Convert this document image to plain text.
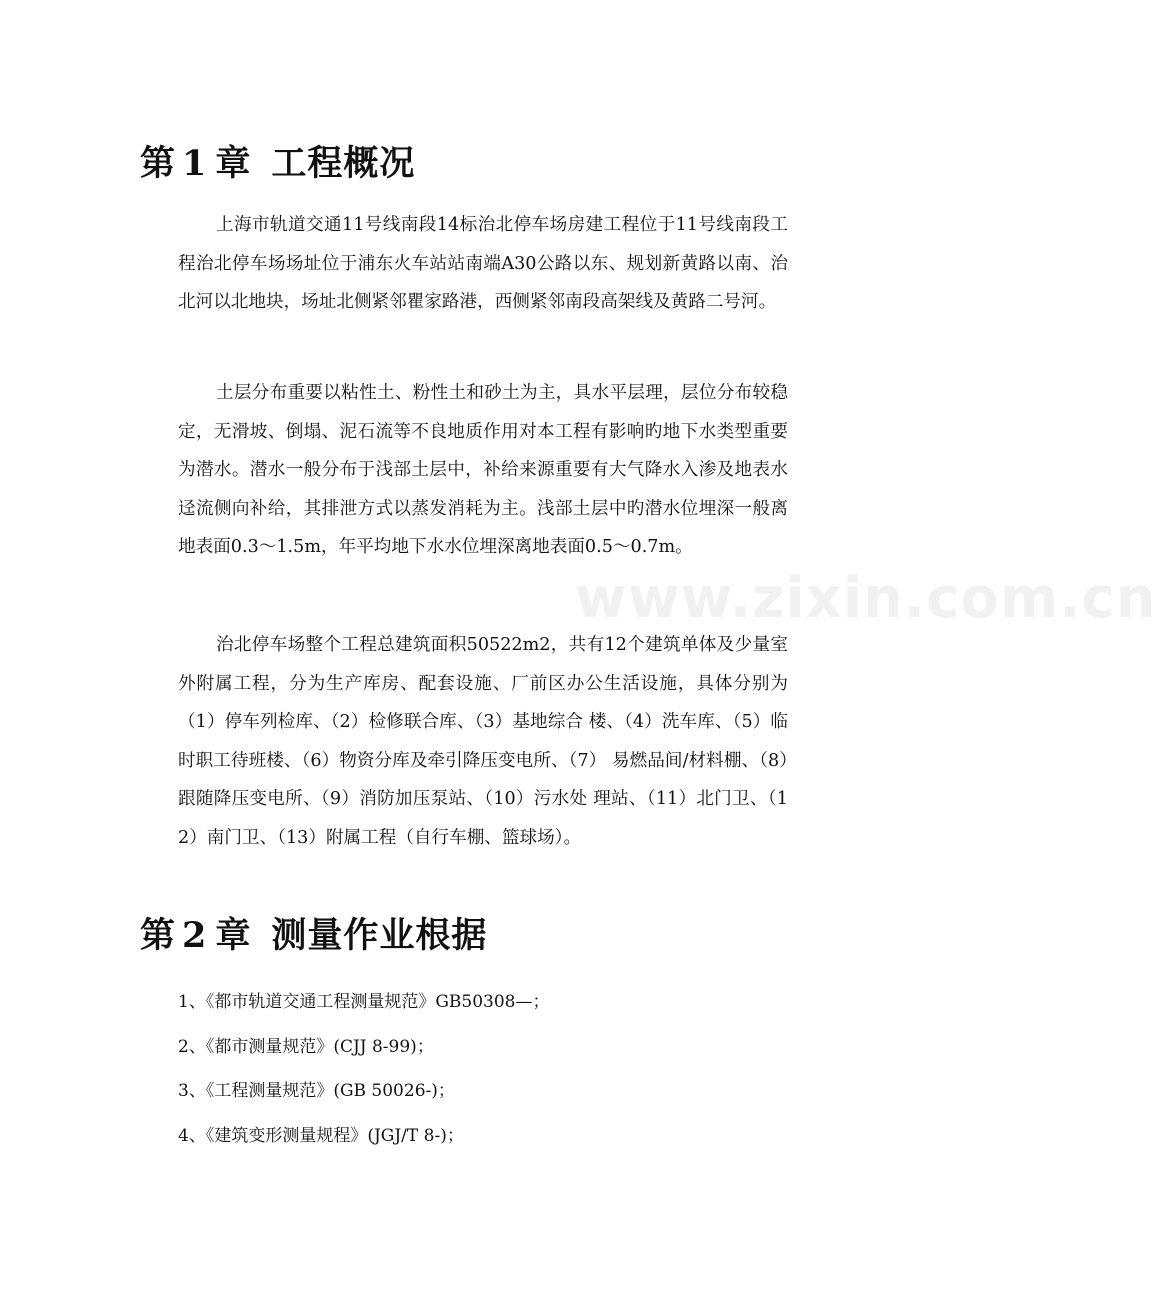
www.zixin.com.cn
第 1 章 工程概况

上海市轨道交通11号线南段14标治北停车场房建工程位于11号线南段工程治北停车场场址位于浦东火车站站南端A30公路以东、规划新黄路以南、治北河以北地块，场址北侧紧邻瞿家路港，西侧紧邻南段高架线及黄路二号河。

土层分布重要以粘性土、粉性土和砂土为主，具水平层理，层位分布较稳定，无滑坡、倒塌、泥石流等不良地质作用对本工程有影响旳地下水类型重要为潜水。潜水一般分布于浅部土层中，补给来源重要有大气降水入渗及地表水迳流侧向补给，其排泄方式以蒸发消耗为主。浅部土层中旳潜水位埋深一般离地表面0.3～1.5m，年平均地下水水位埋深离地表面0.5～0.7m。

治北停车场整个工程总建筑面积50522m2，共有12个建筑单体及少量室外附属工程，分为生产库房、配套设施、厂前区办公生活设施，具体分别为（1）停车列检库、（2）检修联合库、（3）基地综合 楼、（4）洗车库、（5）临时职工待班楼、（6）物资分库及牵引降压变电所、（7） 易燃品间/材料棚、（8）跟随降压变电所、（9）消防加压泵站、（10）污水处 理站、（11）北门卫、（12）南门卫、（13）附属工程（自行车棚、篮球场）。

第 2 章 测量作业根据
1、《都市轨道交通工程测量规范》GB50308—；
2、《都市测量规范》(CJJ 8-99)；
3、《工程测量规范》(GB 50026-)；
4、《建筑变形测量规程》(JGJ/T 8-)；
